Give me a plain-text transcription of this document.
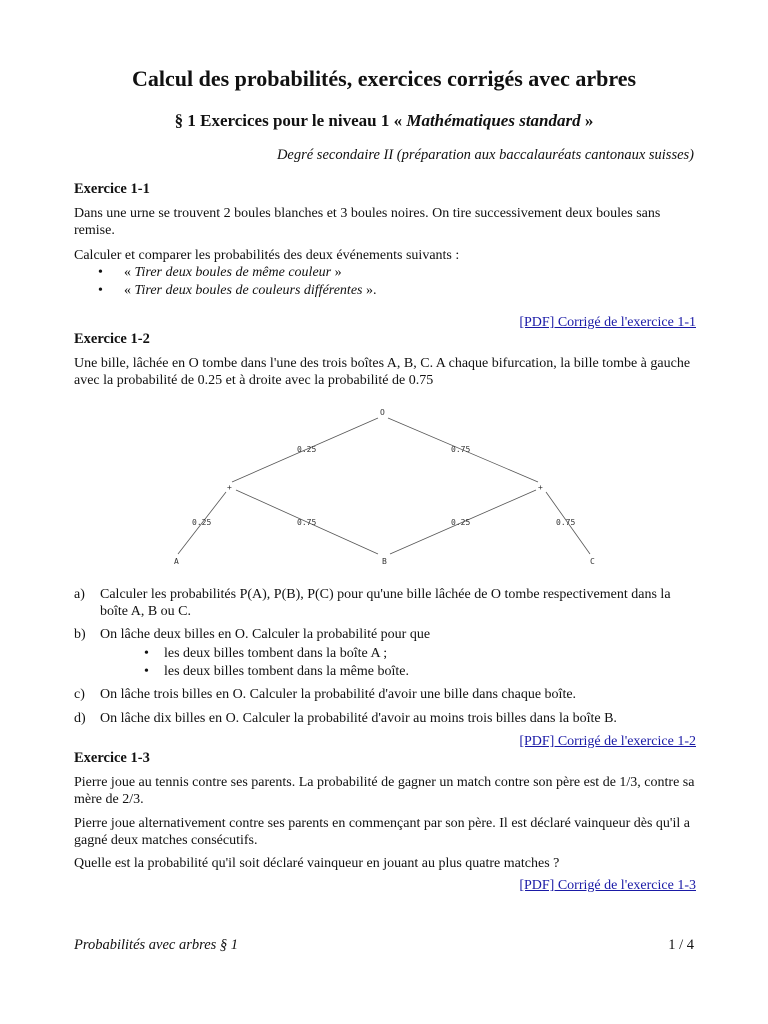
Calcul des probabilités, exercices corrigés avec arbres
§ 1 Exercices pour le niveau 1 « Mathématiques standard »
Degré secondaire II (préparation aux baccalauréats cantonaux suisses)
Exercice 1-1
Dans une urne se trouvent 2 boules blanches et 3 boules noires. On tire successivement deux boules sans remise.
Calculer et comparer les probabilités des deux événements suivants :
• « Tirer deux boules de même couleur »
• « Tirer deux boules de couleurs différentes ».
[PDF] Corrigé de l'exercice 1-1
Exercice 1-2
Une bille, lâchée en O tombe dans l'une des trois boîtes A, B, C. A chaque bifurcation, la bille tombe à gauche avec la probabilité de 0.25 et à droite avec la probabilité de 0.75
O
+	+
A	B	C
0.25	0.75
0.25	0.75	0.25	0.75
a) Calculer les probabilités P(A), P(B), P(C) pour qu'une bille lâchée de O tombe respectivement dans la boîte A, B ou C.
b) On lâche deux billes en O. Calculer la probabilité pour que
• les deux billes tombent dans la boîte A ;
• les deux billes tombent dans la même boîte.
c) On lâche trois billes en O. Calculer la probabilité d'avoir une bille dans chaque boîte.
d) On lâche dix billes en O. Calculer la probabilité d'avoir au moins trois billes dans la boîte B.
[PDF] Corrigé de l'exercice 1-2
Exercice 1-3
Pierre joue au tennis contre ses parents. La probabilité de gagner un match contre son père est de 1/3, contre sa mère de 2/3.
Pierre joue alternativement contre ses parents en commençant par son père. Il est déclaré vainqueur dès qu'il a gagné deux matches consécutifs.
Quelle est la probabilité qu'il soit déclaré vainqueur en jouant au plus quatre matches ?
[PDF] Corrigé de l'exercice 1-3
Probabilités avec arbres § 1	1 / 4
